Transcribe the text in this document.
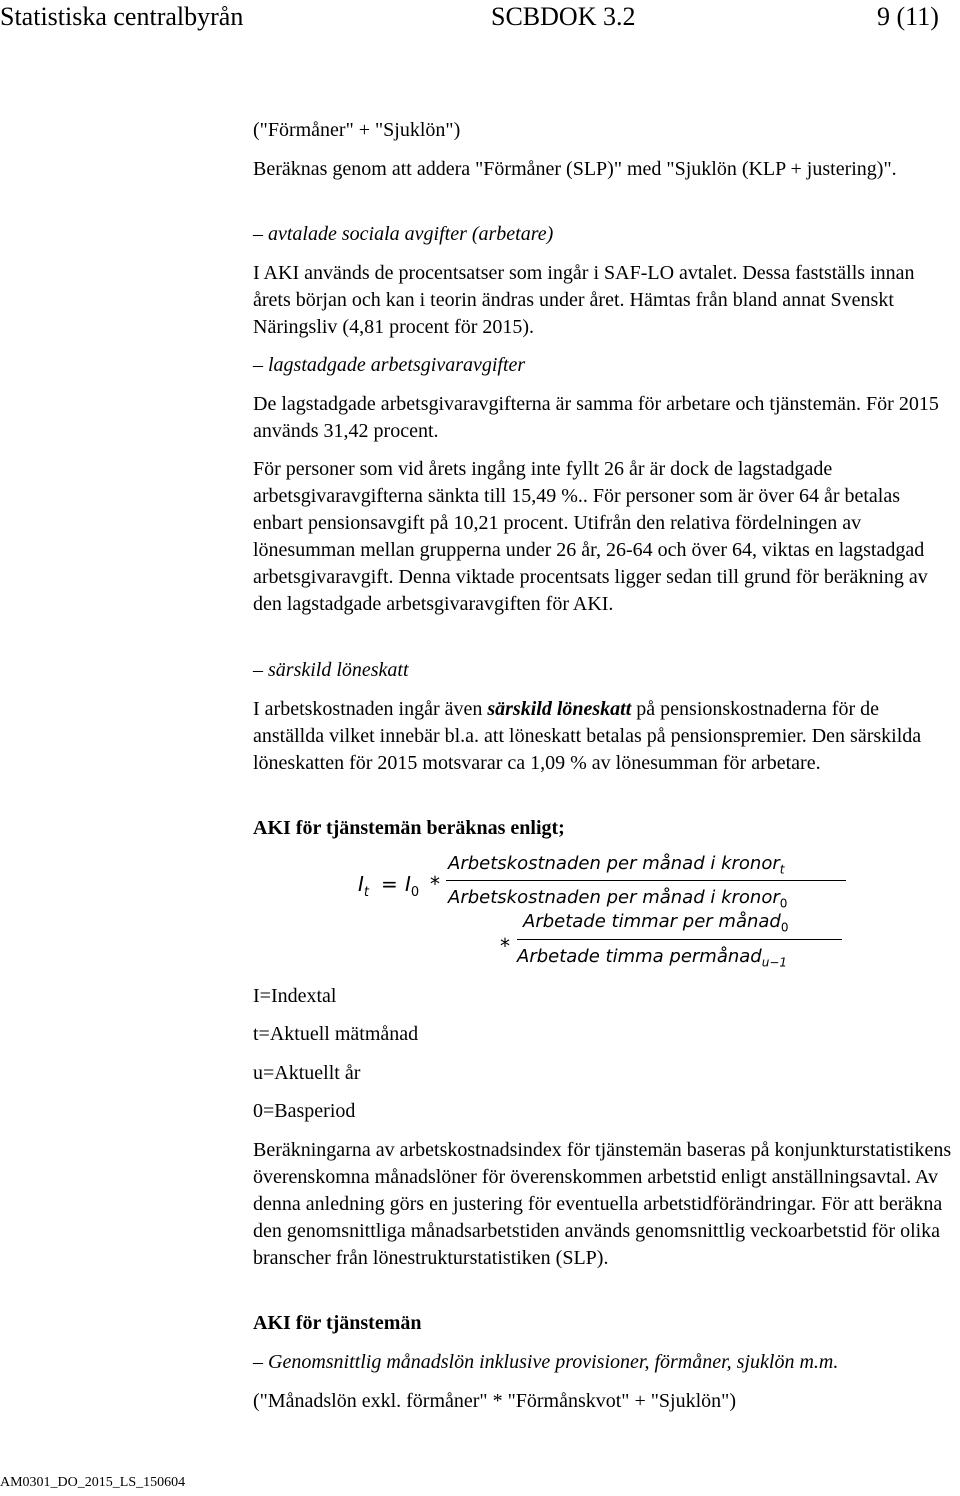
Statistiska centralbyrån	SCBDOK 3.2	9 (11)

("Förmåner" + "Sjuklön")

Beräknas genom att addera "Förmåner (SLP)" med "Sjuklön (KLP + justering)".

– avtalade sociala avgifter (arbetare)

I AKI används de procentsatser som ingår i SAF-LO avtalet. Dessa fastställs innan årets början och kan i teorin ändras under året. Hämtas från bland annat Svenskt Näringsliv (4,81 procent för 2015).

– lagstadgade arbetsgivaravgifter

De lagstadgade arbetsgivaravgifterna är samma för arbetare och tjänstemän. För 2015 används 31,42 procent.

För personer som vid årets ingång inte fyllt 26 år är dock de lagstadgade arbetsgivaravgifterna sänkta till 15,49 %.. För personer som är över 64 år betalas enbart pensionsavgift på 10,21 procent. Utifrån den relativa fördelningen av lönesumman mellan grupperna under 26 år, 26-64 och över 64, viktas en lagstadgad arbetsgivaravgift. Denna viktade procentsats ligger sedan till grund för beräkning av den lagstadgade arbetsgivaravgiften för AKI.

– särskild löneskatt

I arbetskostnaden ingår även särskild löneskatt på pensionskostnaderna för de anställda vilket innebär bl.a. att löneskatt betalas på pensionspremier. Den särskilda löneskatten för 2015 motsvarar ca 1,09 % av lönesumman för arbetare.

AKI för tjänstemän beräknas enligt;

$I_t = I_0$ *
Arbetskostnaden per månad i kronor$_t$
Arbetskostnaden per månad i kronor$_0$
*
Arbetade timmar per månad$_0$
Arbetade timma permånad$_{u-1}$

I=Indextal

t=Aktuell mätmånad

u=Aktuellt år

0=Basperiod

Beräkningarna av arbetskostnadsindex för tjänstemän baseras på konjunkturstatistikens överenskomna månadslöner för överenskommen arbetstid enligt anställningsavtal. Av denna anledning görs en justering för eventuella arbetstidförändringar. För att beräkna den genomsnittliga månadsarbetstiden används genomsnittlig veckoarbetstid för olika branscher från lönestrukturstatistiken (SLP).

AKI för tjänstemän

– Genomsnittlig månadslön inklusive provisioner, förmåner, sjuklön m.m.

("Månadslön exkl. förmåner" * "Förmånskvot" + "Sjuklön")

AM0301_DO_2015_LS_150604
